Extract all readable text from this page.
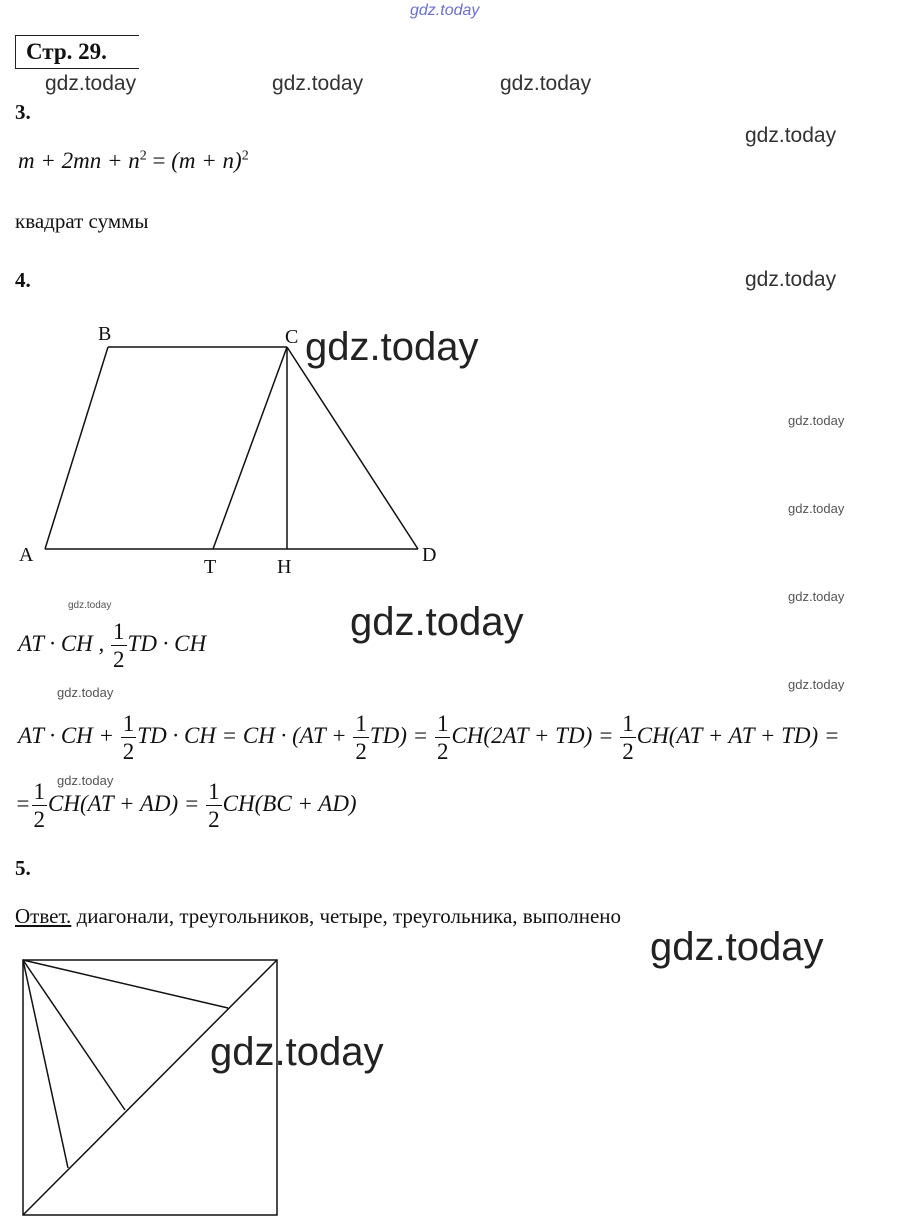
gdz.today
gdz.today	gdz.today	gdz.today
gdz.today
gdz.today
gdz.today
gdz.today
gdz.today
gdz.today
gdz.today
gdz.today
gdz.today
gdz.today
gdz.today
gdz.today
gdz.today
Стр. 29.
3.
$m + 2mn + n^2 = (m + n)^2$
квадрат суммы
4.
B	C
A
T	H
D
AT · CH , $\frac{1}{2}$ TD · CH
AT · CH + $\frac{1}{2}$ TD · CH = CH · $(AT + \frac{1}{2} TD) = \frac{1}{2} CH(2AT + TD) = \frac{1}{2} CH(AT$ + AT + TD) =
= $\frac{1}{2} CH(AT + AD) = \frac{1}{2} CH(BC + AD)$
5.
Ответ. диагонали, треугольников, четыре, треугольника, выполнено
